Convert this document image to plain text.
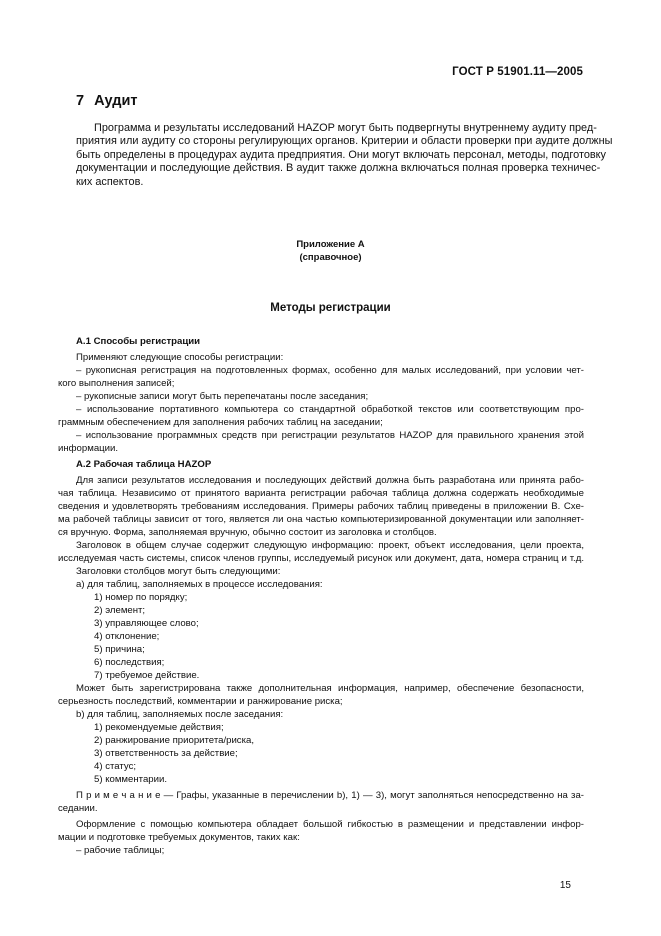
ГОСТ Р 51901.11—2005
7 Аудит
Программа и результаты исследований HAZOP могут быть подвергнуты внутреннему аудиту пред-
приятия или аудиту со стороны регулирующих органов. Критерии и области проверки при аудите должны
быть определены в процедурах аудита предприятия. Они могут включать персонал, методы, подготовку
документации и последующие действия. В аудит также должна включаться полная проверка техничес-
ких аспектов.
Приложение А
(справочное)
Методы регистрации
А.1 Способы регистрации
Применяют следующие способы регистрации:
– рукописная регистрация на подготовленных формах, особенно для малых исследований, при условии чет-
кого выполнения записей;
– рукописные записи могут быть перепечатаны после заседания;
– использование портативного компьютера со стандартной обработкой текстов или соответствующим про-
граммным обеспечением для заполнения рабочих таблиц на заседании;
– использование программных средств при регистрации результатов HAZOP для правильного хранения этой
информации.
А.2 Рабочая таблица HAZOP
Для записи результатов исследования и последующих действий должна быть разработана или принята рабо-
чая таблица. Независимо от принятого варианта регистрации рабочая таблица должна содержать необходимые
сведения и удовлетворять требованиям исследования. Примеры рабочих таблиц приведены в приложении В. Схе-
ма рабочей таблицы зависит от того, является ли она частью компьютеризированной документации или заполняет-
ся вручную. Форма, заполняемая вручную, обычно состоит из заголовка и столбцов.
Заголовок в общем случае содержит следующую информацию: проект, объект исследования, цели проекта,
исследуемая часть системы, список членов группы, исследуемый рисунок или документ, дата, номера страниц и т.д.
Заголовки столбцов могут быть следующими:
а) для таблиц, заполняемых в процессе исследования:
1) номер по порядку;
2) элемент;
3) управляющее слово;
4) отклонение;
5) причина;
6) последствия;
7) требуемое действие.
Может быть зарегистрирована также дополнительная информация, например, обеспечение безопасности,
серьезность последствий, комментарии и ранжирование риска;
b) для таблиц, заполняемых после заседания:
1) рекомендуемые действия;
2) ранжирование приоритета/риска,
3) ответственность за действие;
4) статус;
5) комментарии.
П р и м е ч а н и е — Графы, указанные в перечислении b), 1) — 3), могут заполняться непосредственно на за-
седании.
Оформление с помощью компьютера обладает большой гибкостью в размещении и представлении инфор-
мации и подготовке требуемых документов, таких как:
– рабочие таблицы;
15
